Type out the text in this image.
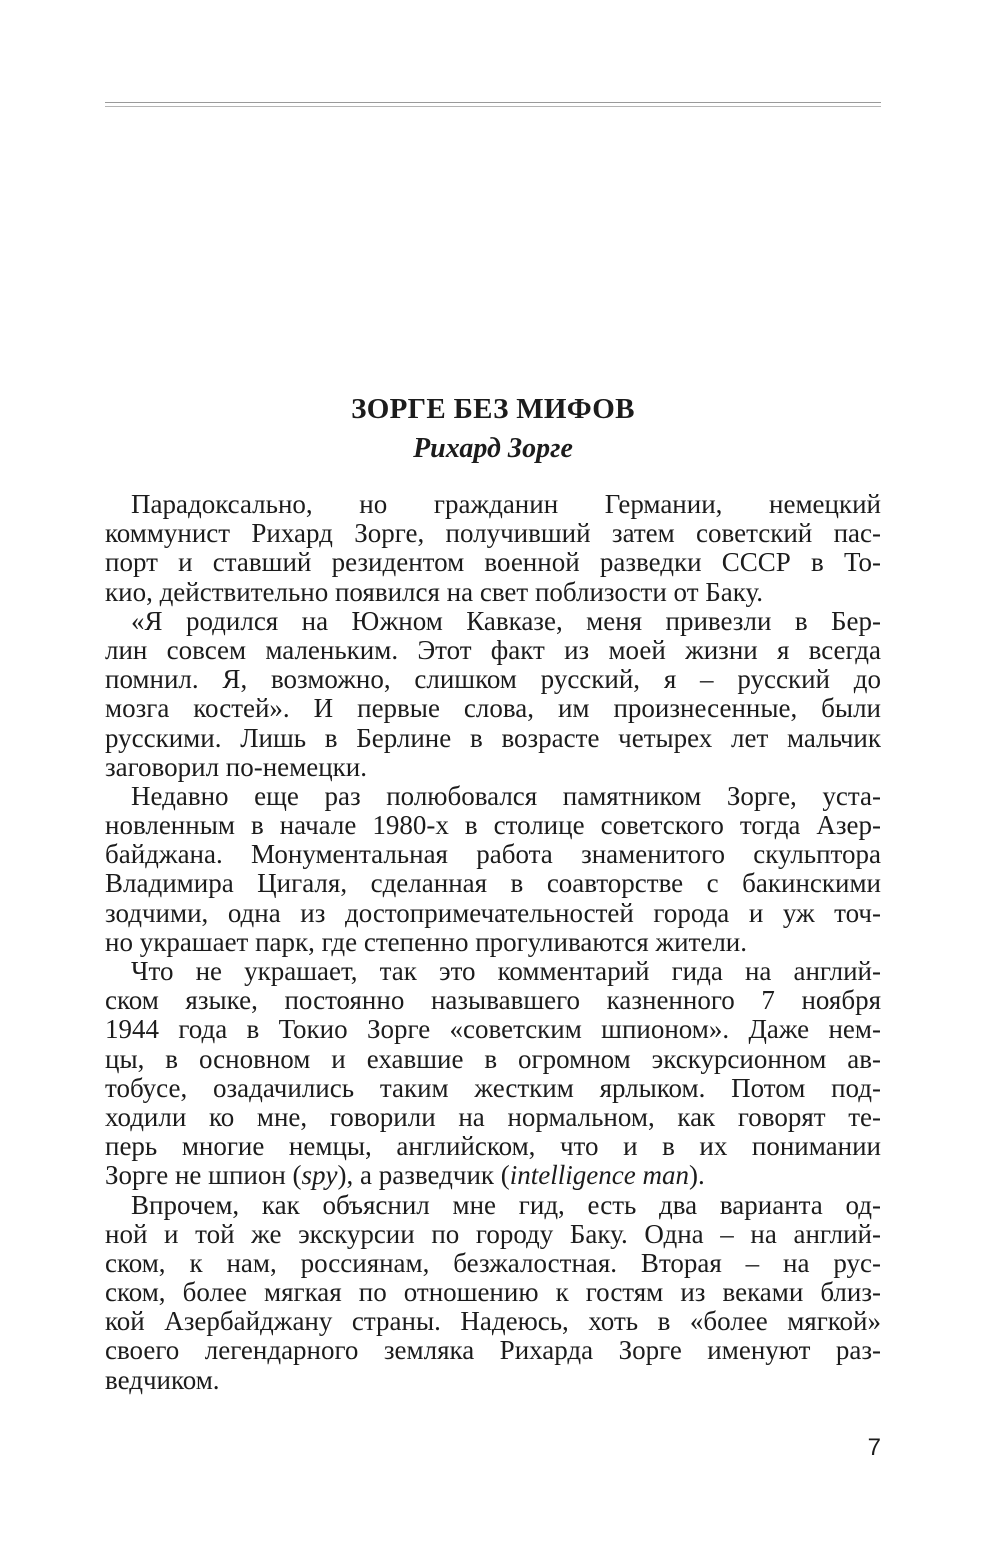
ЗОРГЕ БЕЗ МИФОВ
Рихард Зорге

Парадоксально, но гражданин Германии, немецкий
коммунист Рихард Зорге, получивший затем советский пас-
порт и ставший резидентом военной разведки СССР в То-
кио, действительно появился на свет поблизости от Баку.

«Я родился на Южном Кавказе, меня привезли в Бер-
лин совсем маленьким. Этот факт из моей жизни я всегда
помнил. Я, возможно, слишком русский, я – русский до
мозга костей». И первые слова, им произнесенные, были
русскими. Лишь в Берлине в возрасте четырех лет мальчик
заговорил по-немецки.

Недавно еще раз полюбовался памятником Зорге, уста-
новленным в начале 1980-х в столице советского тогда Азер-
байджана. Монументальная работа знаменитого скульптора
Владимира Цигаля, сделанная в соавторстве с бакинскими
зодчими, одна из достопримечательностей города и уж точ-
но украшает парк, где степенно прогуливаются жители.

Что не украшает, так это комментарий гида на англий-
ском языке, постоянно называвшего казненного 7 ноября
1944 года в Токио Зорге «советским шпионом». Даже нем-
цы, в основном и ехавшие в огромном экскурсионном ав-
тобусе, озадачились таким жестким ярлыком. Потом под-
ходили ко мне, говорили на нормальном, как говорят те-
перь многие немцы, английском, что и в их понимании
Зорге не шпион (spy), а разведчик (intelligence man).

Впрочем, как объяснил мне гид, есть два варианта од-
ной и той же экскурсии по городу Баку. Одна – на англий-
ском, к нам, россиянам, безжалостная. Вторая – на рус-
ском, более мягкая по отношению к гостям из веками близ-
кой Азербайджану страны. Надеюсь, хоть в «более мягкой»
своего легендарного земляка Рихарда Зорге именуют раз-
ведчиком.

7
